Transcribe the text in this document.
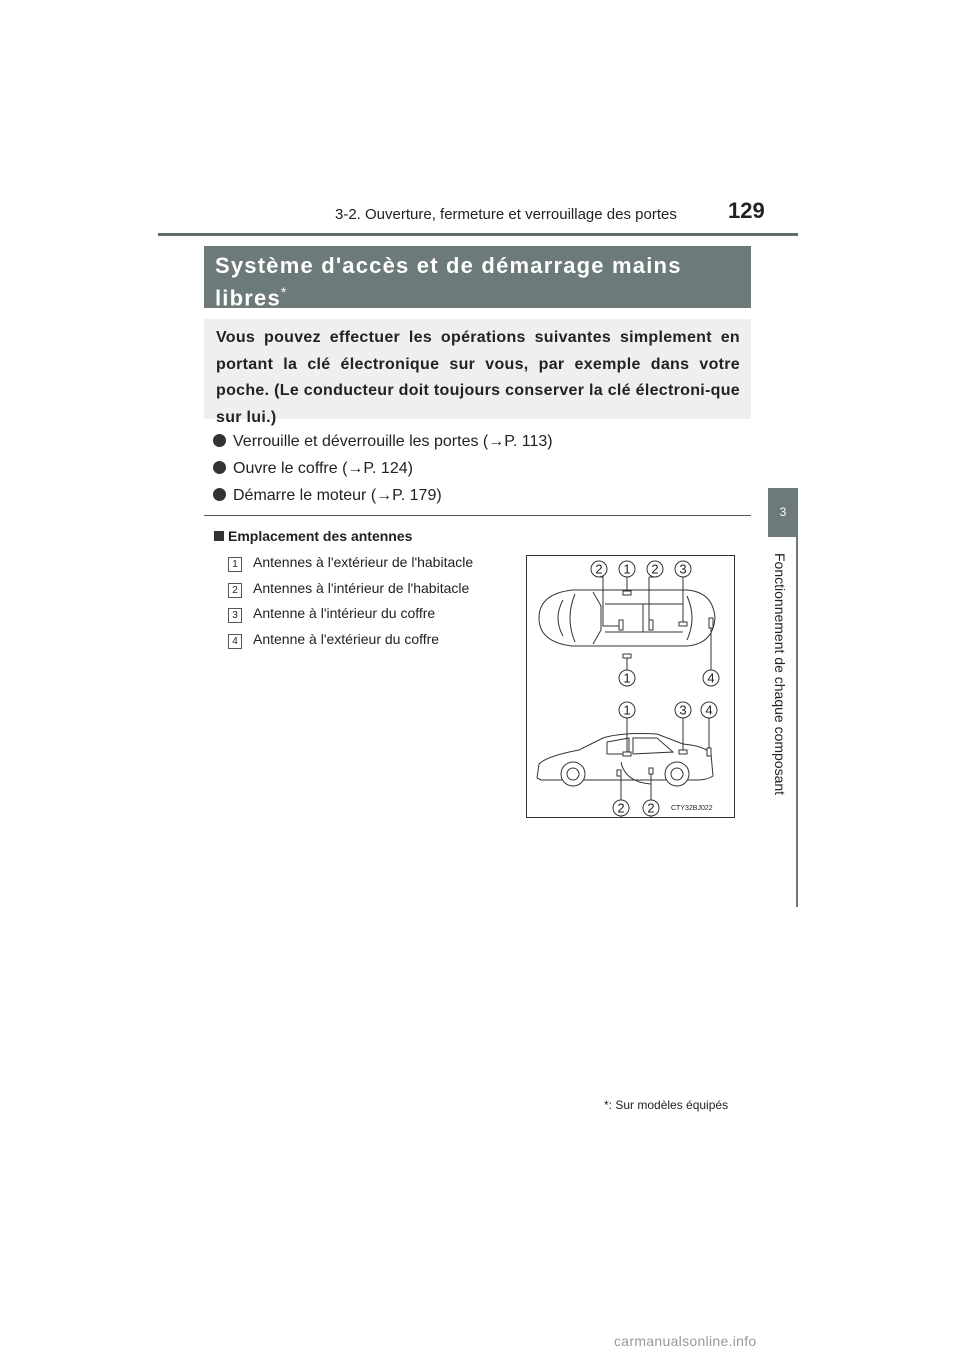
3-2. Ouverture, fermeture et verrouillage des portes 129
3
Fonctionnement de chaque composant
Système d'accès et de démarrage mains libres*

Vous pouvez effectuer les opérations suivantes simplement en portant la clé électronique sur vous, par exemple dans votre poche. (Le conducteur doit toujours conserver la clé électroni-que sur lui.)

Verrouille et déverrouille les portes (→P. 113)
Ouvre le coffre (→P. 124)
Démarre le moteur (→P. 179)
Emplacement des antennes
1 Antennes à l'extérieur de l'habitacle
2 Antennes à l'intérieur de l'habitacle
3 Antenne à l'intérieur du coffre
4 Antenne à l'extérieur du coffre
2 1 2 3
1	4
1	3 4
2 2 CTY32BJ022
*: Sur modèles équipés
carmanualsonline.info
